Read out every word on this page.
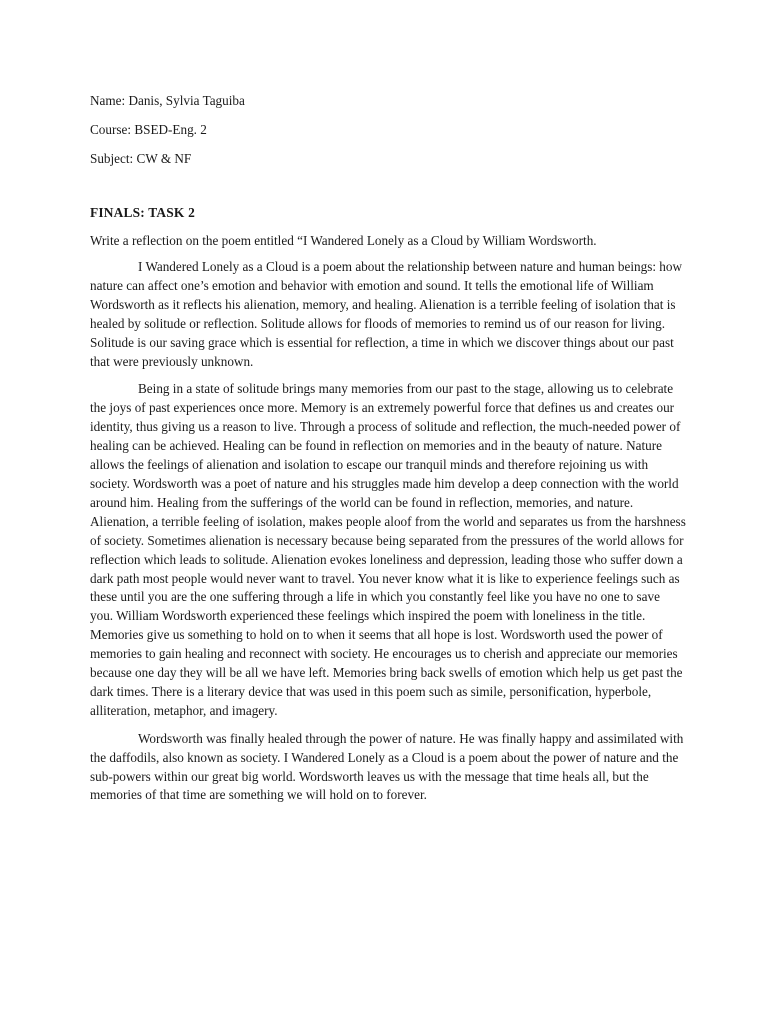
Name: Danis, Sylvia Taguiba

Course: BSED-Eng. 2

Subject: CW & NF

FINALS: TASK 2
Write a reflection on the poem entitled “I Wandered Lonely as a Cloud by William Wordsworth.

I Wandered Lonely as a Cloud is a poem about the relationship between nature and human beings: how nature can affect one’s emotion and behavior with emotion and sound. It tells the emotional life of William Wordsworth as it reflects his alienation, memory, and healing. Alienation is a terrible feeling of isolation that is healed by solitude or reflection. Solitude allows for floods of memories to remind us of our reason for living. Solitude is our saving grace which is essential for reflection, a time in which we discover things about our past that were previously unknown.

Being in a state of solitude brings many memories from our past to the stage, allowing us to celebrate the joys of past experiences once more. Memory is an extremely powerful force that defines us and creates our identity, thus giving us a reason to live. Through a process of solitude and reflection, the much-needed power of healing can be achieved. Healing can be found in reflection on memories and in the beauty of nature. Nature allows the feelings of alienation and isolation to escape our tranquil minds and therefore rejoining us with society. Wordsworth was a poet of nature and his struggles made him develop a deep connection with the world around him. Healing from the sufferings of the world can be found in reflection, memories, and nature. Alienation, a terrible feeling of isolation, makes people aloof from the world and separates us from the harshness of society. Sometimes alienation is necessary because being separated from the pressures of the world allows for reflection which leads to solitude. Alienation evokes loneliness and depression, leading those who suffer down a dark path most people would never want to travel. You never know what it is like to experience feelings such as these until you are the one suffering through a life in which you constantly feel like you have no one to save you. William Wordsworth experienced these feelings which inspired the poem with loneliness in the title. Memories give us something to hold on to when it seems that all hope is lost. Wordsworth used the power of memories to gain healing and reconnect with society. He encourages us to cherish and appreciate our memories because one day they will be all we have left. Memories bring back swells of emotion which help us get past the dark times. There is a literary device that was used in this poem such as simile, personification, hyperbole, alliteration, metaphor, and imagery.

Wordsworth was finally healed through the power of nature. He was finally happy and assimilated with the daffodils, also known as society. I Wandered Lonely as a Cloud is a poem about the power of nature and the sub-powers within our great big world. Wordsworth leaves us with the message that time heals all, but the memories of that time are something we will hold on to forever.
